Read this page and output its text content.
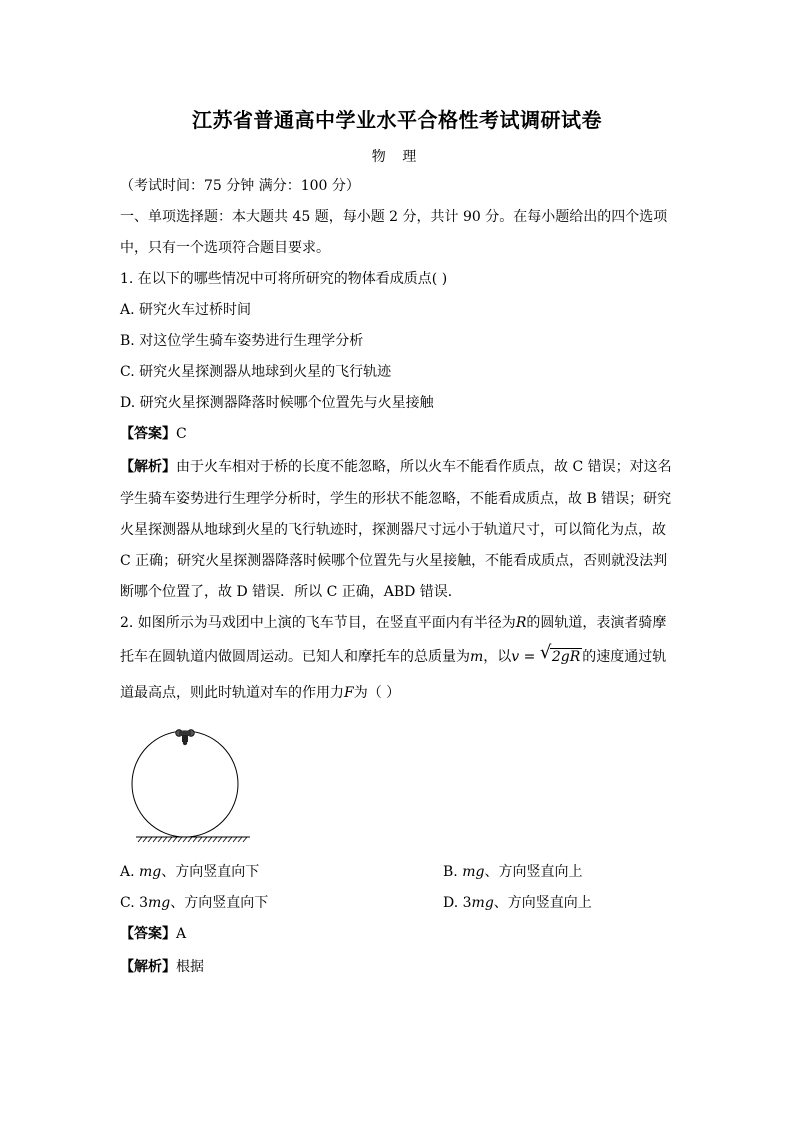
江苏省普通高中学业水平合格性考试调研试卷
物 理
（考试时间：75 分钟 满分：100 分）
一、单项选择题：本大题共 45 题，每小题 2 分，共计 90 分。在每小题给出的四个选项
中，只有一个选项符合题目要求。
1. 在以下的哪些情况中可将所研究的物体看成质点( )
A. 研究火车过桥时间
B. 对这位学生骑车姿势进行生理学分析
C. 研究火星探测器从地球到火星的飞行轨迹
D. 研究火星探测器降落时候哪个位置先与火星接触
【答案】C
【解析】由于火车相对于桥的长度不能忽略，所以火车不能看作质点，故 C 错误；对这名
学生骑车姿势进行生理学分析时，学生的形状不能忽略，不能看成质点，故 B 错误；研究
火星探测器从地球到火星的飞行轨迹时，探测器尺寸远小于轨道尺寸，可以简化为点，故
C 正确；研究火星探测器降落时候哪个位置先与火星接触，不能看成质点，否则就没法判
断哪个位置了，故 D 错误．所以 C 正确，ABD 错误．
2. 如图所示为马戏团中上演的飞车节目，在竖直平面内有半径为R的圆轨道，表演者骑摩
托车在圆轨道内做圆周运动。已知人和摩托车的总质量为m，以v = √ 2gR 的速度通过轨
道最高点，则此时轨道对车的作用力F为（ ）
A. mg、方向竖直向下	B. mg、方向竖直向上
C. 3mg、方向竖直向下	D. 3mg、方向竖直向上
【答案】A
【解析】根据
